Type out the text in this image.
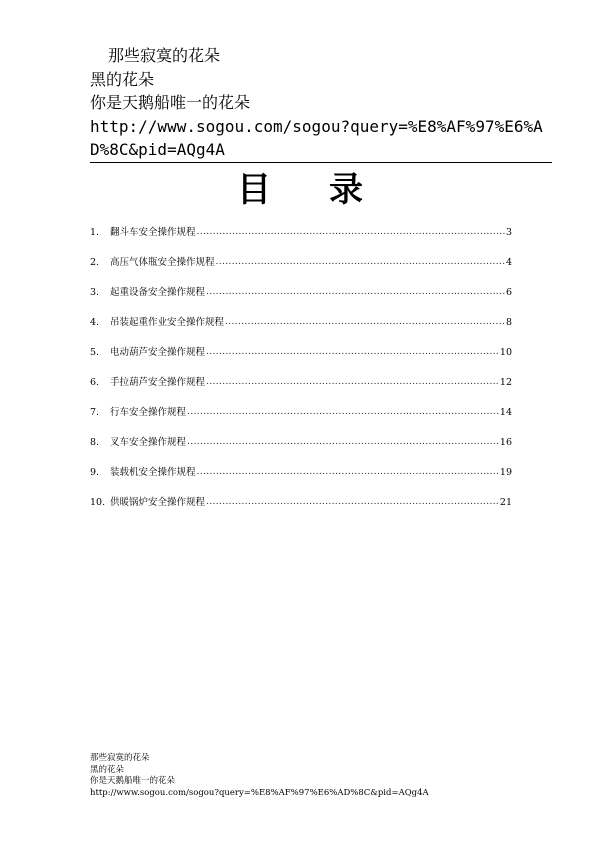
那些寂寞的花朵
黑的花朵
你是天鹅船唯一的花朵
http://www.sogou.com/sogou?query=%E8%AF%97%E6%A
D%8C&pid=AQg4A
目录
1.	翻斗车安全操作规程 .....	3
2.	高压气体瓶安全操作规程 .....	4
3.	起重设备安全操作规程 .....	6
4.	吊装起重作业安全操作规程 .....	8
5.	电动葫芦安全操作规程 .....	10
6.	手拉葫芦安全操作规程 .....	12
7.	行车安全操作规程 .....	14
8.	叉车安全操作规程 .....	16
9.	装载机安全操作规程 .....	19
10. 供暖锅炉安全操作规程 .....	21
那些寂寞的花朵
黑的花朵
你是天鹅船唯一的花朵
http://www.sogou.com/sogou?query=%E8%AF%97%E6%AD%8C&pid=AQg4A
